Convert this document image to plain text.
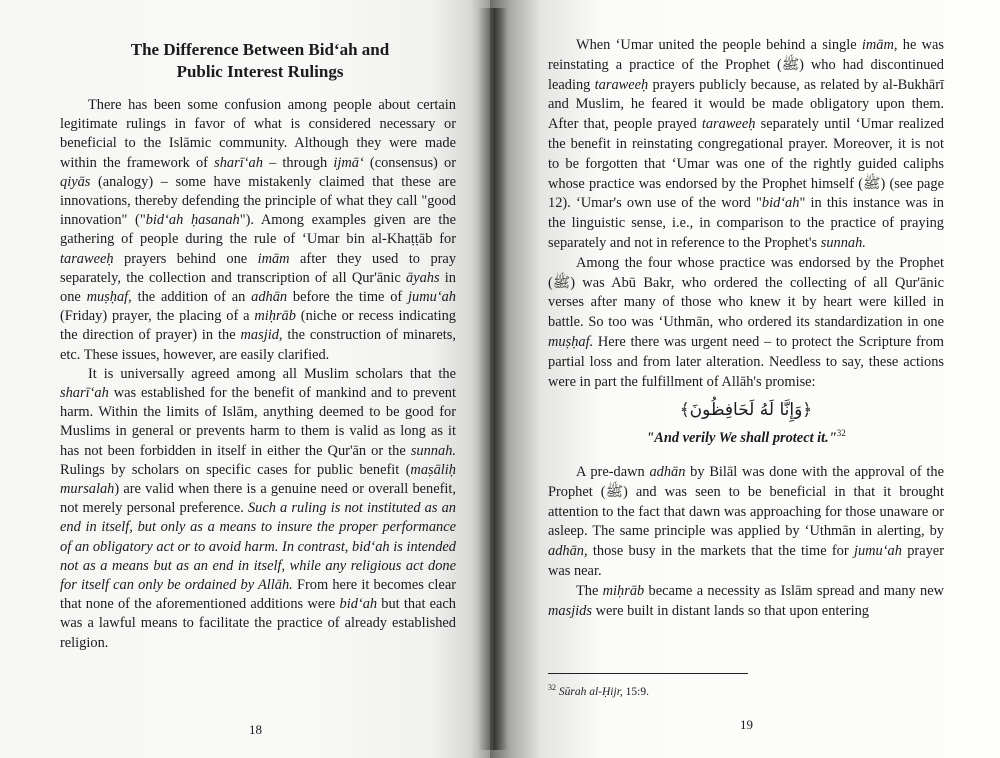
The Difference Between Bid‘ah and
Public Interest Rulings

There has been some confusion among people about certain legitimate rulings in favor of what is considered necessary or beneficial to the Islāmic community. Although they were made within the framework of sharī‘ah – through ijmā‘ (consensus) or qiyās (analogy) – some have mistakenly claimed that these are innovations, thereby defending the principle of what they call "good innovation" ("bid‘ah ḥasanah"). Among examples given are the gathering of people during the rule of ‘Umar bin al-Khaṭṭāb for taraweeḥ prayers behind one imām after they used to pray separately, the collection and transcription of all Qur'ānic āyahs in one muṣḥaf, the addition of an adhān before the time of jumu‘ah (Friday) prayer, the placing of a miḥrāb (niche or recess indicating the direction of prayer) in the masjid, the construction of minarets, etc. These issues, however, are easily clarified.

It is universally agreed among all Muslim scholars that the sharī‘ah was established for the benefit of mankind and to prevent harm. Within the limits of Islām, anything deemed to be good for Muslims in general or prevents harm to them is valid as long as it has not been forbidden in itself in either the Qur'ān or the sunnah. Rulings by scholars on specific cases for public benefit (maṣāliḥ mursalah) are valid when there is a genuine need or overall benefit, not merely personal preference. Such a ruling is not instituted as an end in itself, but only as a means to insure the proper performance of an obligatory act or to avoid harm. In contrast, bid‘ah is intended not as a means but as an end in itself, while any religious act done for itself can only be ordained by Allāh. From here it becomes clear that none of the aforementioned additions were bid‘ah but that each was a lawful means to facilitate the practice of already established religion.

18

When ‘Umar united the people behind a single imām, he was reinstating a practice of the Prophet (ﷺ) who had discontinued leading taraweeḥ prayers publicly because, as related by al-Bukhārī and Muslim, he feared it would be made obligatory upon them. After that, people prayed taraweeḥ separately until ‘Umar realized the benefit in reinstating congregational prayer. Moreover, it is not to be forgotten that ‘Umar was one of the rightly guided caliphs whose practice was endorsed by the Prophet himself (ﷺ) (see page 12). ‘Umar's own use of the word "bid‘ah" in this instance was in the linguistic sense, i.e., in comparison to the practice of praying separately and not in reference to the Prophet's sunnah.

Among the four whose practice was endorsed by the Prophet (ﷺ) was Abū Bakr, who ordered the collecting of all Qur'ānic verses after many of those who knew it by heart were killed in battle. So too was ‘Uthmān, who ordered its standardization in one muṣḥaf. Here there was urgent need – to protect the Scripture from partial loss and from later alteration. Needless to say, these actions were in part the fulfillment of Allāh's promise:

﴿وَإِنَّا لَهُ لَحَافِظُونَ﴾
"And verily We shall protect it."$^{32}$

A pre-dawn adhān by Bilāl was done with the approval of the Prophet (ﷺ) and was seen to be beneficial in that it brought attention to the fact that dawn was approaching for those unaware or asleep. The same principle was applied by ‘Uthmān in alerting, by adhān, those busy in the markets that the time for jumu‘ah prayer was near.

The miḥrāb became a necessity as Islām spread and many new masjids were built in distant lands so that upon entering

$^{32}$ Sūrah al-Ḥijr, 15:9.
19
